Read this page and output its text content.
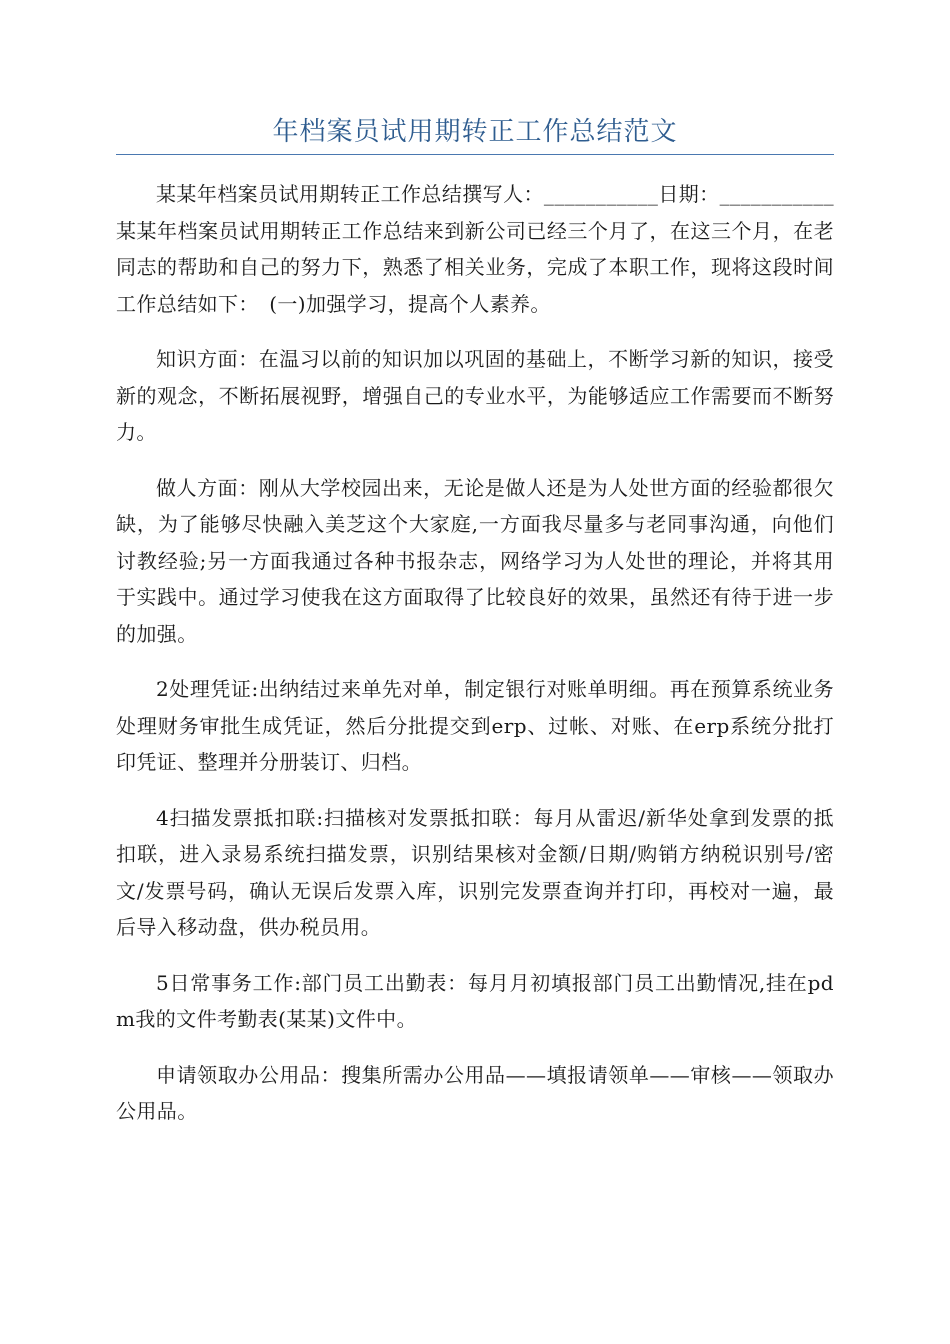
年档案员试用期转正工作总结范文

某某年档案员试用期转正工作总结撰写人：___________日期：___________某某年档案员试用期转正工作总结来到新公司已经三个月了，在这三个月，在老同志的帮助和自己的努力下，熟悉了相关业务，完成了本职工作，现将这段时间工作总结如下：　(一)加强学习，提高个人素养。

知识方面：在温习以前的知识加以巩固的基础上，不断学习新的知识，接受新的观念，不断拓展视野，增强自己的专业水平，为能够适应工作需要而不断努力。

做人方面：刚从大学校园出来，无论是做人还是为人处世方面的经验都很欠缺，为了能够尽快融入美芝这个大家庭,一方面我尽量多与老同事沟通，向他们讨教经验;另一方面我通过各种书报杂志，网络学习为人处世的理论，并将其用于实践中。通过学习使我在这方面取得了比较良好的效果，虽然还有待于进一步的加强。

2处理凭证:出纳结过来单先对单，制定银行对账单明细。再在预算系统业务处理财务审批生成凭证，然后分批提交到erp、过帐、对账、在erp系统分批打印凭证、整理并分册装订、归档。

4扫描发票抵扣联:扫描核对发票抵扣联：每月从雷迟/新华处拿到发票的抵扣联，进入录易系统扫描发票，识别结果核对金额/日期/购销方纳税识别号/密文/发票号码，确认无误后发票入库，识别完发票查询并打印，再校对一遍，最后导入移动盘，供办税员用。

5日常事务工作:部门员工出勤表：每月月初填报部门员工出勤情况,挂在pdm我的文件考勤表(某某)文件中。

申请领取办公用品：搜集所需办公用品——填报请领单——审核——领取办公用品。
